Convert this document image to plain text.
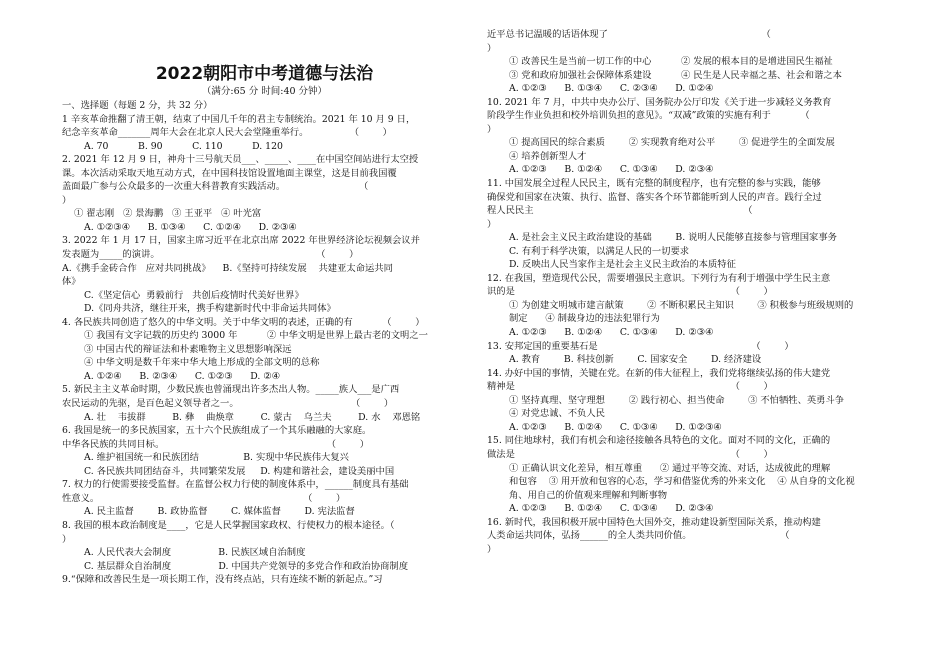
2022朝阳市中考道德与法治
（满分:65 分 时间:40 分钟）
一、选择题（每题 2 分，共 32 分）
1 辛亥革命推翻了清王朝，结束了中国几千年的君主专制统治。2021 年 10 月 9 日，
纪念辛亥革命_______周年大会在北京人民大会堂隆重举行。              （        ）
A. 70          B. 90          C. 110          D. 120
2. 2021 年 12 月 9 日，神舟十三号航天员___、_____、____在中国空间站进行太空授
课。本次活动采取天地互动方式，在中国科技馆设置地面主课堂，这是目前我国覆
盖面最广参与公众最多的一次重大科普教育实践活动。                         （
）
① 翟志刚   ② 景海鹏   ③ 王亚平   ④ 叶光富
A. ①②③④      B. ①③④      C. ①②④      D. ②③④
3. 2022 年 1 月 17 日，国家主席习近平在北京出席 2022 年世界经济论坛视频会议并
发表题为_____的演讲。                                                     （        ）
A.《携手金砖合作   应对共同挑战》    B.《坚持可持续发展    共建亚太命运共同
体》
C.《坚定信心  勇毅前行   共创后疫情时代美好世界》
D.《同舟共济，继往开来，携手构建新时代中非命运共同体》
4. 各民族共同创造了悠久的中华文明。关于中华文明的表述，正确的有          （        ）
① 我国有文字记载的历史约 3000 年          ② 中华文明是世界上最古老的文明之一
③ 中国古代的辩证法和朴素唯物主义思想影响深远
④ 中华文明是数千年来中华大地上形成的全部文明的总称
A. ①②④      B. ②③④      C. ①②③      D. ②④
5. 新民主主义革命时期，少数民族也曾涌现出许多杰出人物。_____族人___是广西
农民运动的先驱，是百色起义领导者之一。                                      （        ）
A. 壮    韦拔群         B. 彝    曲焕章         C. 蒙古    乌兰夫         D. 水    邓恩铭
6. 我国是统一的多民族国家，五十六个民族组成了一个其乐融融的大家庭。
中华各民族的共同目标。                                                       （        ）
A. 维护祖国统一和民族团结               B. 实现中华民族伟大复兴
C. 各民族共同团结奋斗，共同繁荣发展     D. 构建和谐社会，建设美丽中国
7. 权力的行使需要接受监督。在监督公权力行使的制度体系中，______制度具有基础
性意义。                                                                     （        ）
A. 民主监督        B. 政协监督        C. 媒体监督        D. 宪法监督
8. 我国的根本政治制度是____，它是人民掌握国家政权、行使权力的根本途径。（
）
A. 人民代表大会制度                B. 民族区域自治制度
C. 基层群众自治制度                D. 中国共产党领导的多党合作和政治协商制度
9.“保障和改善民生是一项长期工作，没有终点站，只有连续不断的新起点。”习
近平总书记温暖的话语体现了                                                    （
）
① 改善民生是当前一切工作的中心          ② 发展的根本目的是增进国民生福祉
③ 党和政府加强社会保障体系建设          ④ 民生是人民幸福之基、社会和谐之本
A. ①②③      B. ①③④      C. ②③④      D. ①②④
10. 2021 年 7 月，中共中央办公厅、国务院办公厅印发《关于进一步减轻义务教育
阶段学生作业负担和校外培训负担的意见》。“双减”政策的实施有利于          （
）
① 提高国民的综合素质        ② 实现教育绝对公平        ③ 促进学生的全面发展
④ 培养创新型人才
A. ①②③      B. ①②④      C. ①③④      D. ②③④
11. 中国发展全过程人民民主，既有完整的制度程序，也有完整的参与实践，能够
确保党和国家在决策、执行、监督、落实各个环节都能听到人民的声音。践行全过
程人民民主                                                                       （
）
A. 是社会主义民主政治建设的基础        B. 说明人民能够直接参与管理国家事务
C. 有利于科学决策，以满足人民的一切要求
D. 反映出人民当家作主是社会主义民主政治的本质特征
12. 在我国，塑造现代公民，需要增强民主意识。下列行为有利于增强中学生民主意
识的是                                                                         （        ）
① 为创建文明城市建言献策        ② 不断积累民主知识        ③ 积极参与班级规则的
制定      ④ 制裁身边的违法犯罪行为
A. ①②③      B. ①②④      C. ①③④      D. ②③④
13. 安邦定国的重要基石是                                                    （        ）
A. 教育        B. 科技创新        C. 国家安全        D. 经济建设
14. 办好中国的事情，关键在党。在新的伟大征程上，我们党将继续弘扬的伟大建党
精神是                                                                         （        ）
① 坚持真理、坚守理想        ② 践行初心、担当使命        ③ 不怕牺牲、英勇斗争
④ 对党忠诚、不负人民
A. ①②③      B. ①②④      C. ①③④      D. ①②③④
15. 同住地球村，我们有机会和途径接触各具特色的文化。面对不同的文化，正确的
做法是                                                                         （        ）
① 正确认识文化差异，相互尊重      ② 通过平等交流、对话，达成彼此的理解
和包容    ③ 用开放和包容的心态，学习和借鉴优秀的外来文化    ④ 从自身的文化视
角、用自己的价值观来理解和判断事物
A. ①②③      B. ①②④      C. ①③④      D. ②③④
16. 新时代，我国积极开展中国特色大国外交，推动建设新型国际关系，推动构建
人类命运共同体，弘扬______的全人类共同价值。                              （
）
